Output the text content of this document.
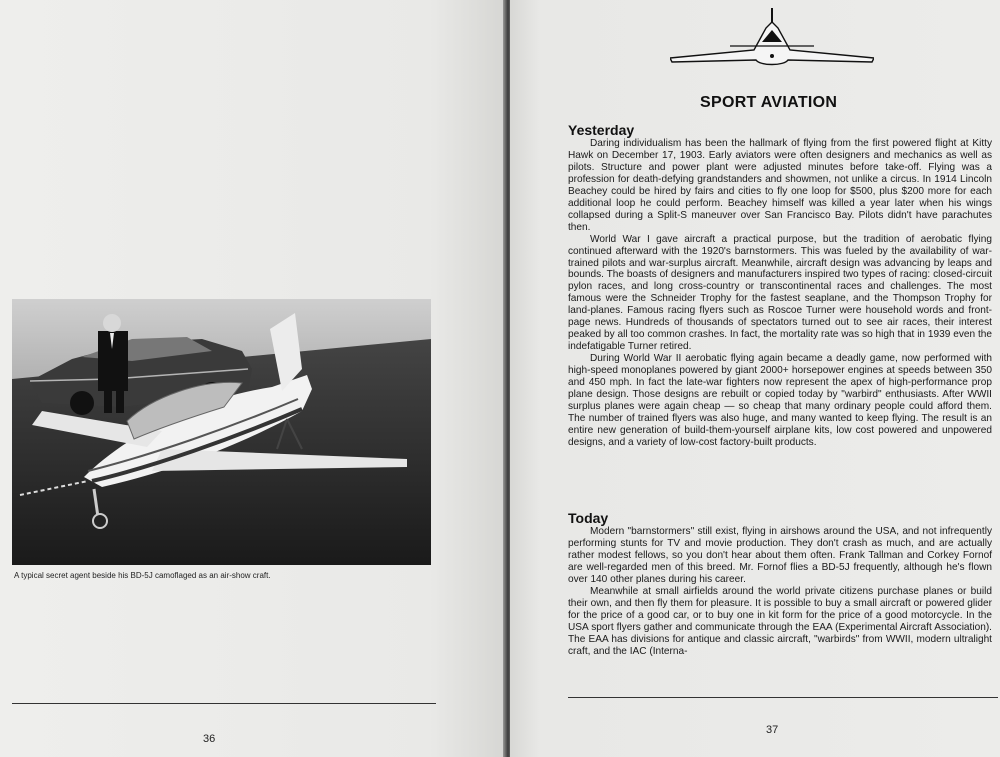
A typical secret agent beside his BD-5J camoflaged as an air-show craft.
36
SPORT AVIATION
Yesterday

Daring individualism has been the hallmark of flying from the first powered flight at Kitty Hawk on December 17, 1903. Early aviators were often designers and mechanics as well as pilots. Structure and power plant were adjusted minutes before take-off. Flying was a profession for death-defying grandstanders and showmen, not unlike a circus. In 1914 Lincoln Beachey could be hired by fairs and cities to fly one loop for $500, plus $200 more for each additional loop he could perform. Beachey himself was killed a year later when his wings collapsed during a Split-S maneuver over San Francisco Bay. Pilots didn't have parachutes then.

World War I gave aircraft a practical purpose, but the tradition of aerobatic flying continued afterward with the 1920's barnstormers. This was fueled by the availability of war-trained pilots and war-surplus aircraft. Meanwhile, aircraft design was advancing by leaps and bounds. The boasts of designers and manufacturers inspired two types of racing: closed-circuit pylon races, and long cross-country or transcontinental races and challenges. The most famous were the Schneider Trophy for the fastest seaplane, and the Thompson Trophy for land-planes. Famous racing flyers such as Roscoe Turner were household words and front-page news. Hundreds of thousands of spectators turned out to see air races, their interest peaked by all too common crashes. In fact, the mortality rate was so high that in 1939 even the indefatigable Turner retired.

During World War II aerobatic flying again became a deadly game, now performed with high-speed monoplanes powered by giant 2000+ horsepower engines at speeds between 350 and 450 mph. In fact the late-war fighters now represent the apex of high-performance prop plane design. Those designs are rebuilt or copied today by "warbird" enthusiasts. After WWII surplus planes were again cheap — so cheap that many ordinary people could afford them. The number of trained flyers was also huge, and many wanted to keep flying. The result is an entire new generation of build-them-yourself airplane kits, low cost powered and unpowered designs, and a variety of low-cost factory-built products.

Today

Modern "barnstormers" still exist, flying in airshows around the USA, and not infrequently performing stunts for TV and movie production. They don't crash as much, and are actually rather modest fellows, so you don't hear about them often. Frank Tallman and Corkey Fornof are well-regarded men of this breed. Mr. Fornof flies a BD-5J frequently, although he's flown over 140 other planes during his career.

Meanwhile at small airfields around the world private citizens purchase planes or build their own, and then fly them for pleasure. It is possible to buy a small aircraft or powered glider for the price of a good car, or to buy one in kit form for the price of a good motorcycle. In the USA sport flyers gather and communicate through the EAA (Experimental Aircraft Association). The EAA has divisions for antique and classic aircraft, "warbirds" from WWII, modern ultralight craft, and the IAC (Interna-

37
